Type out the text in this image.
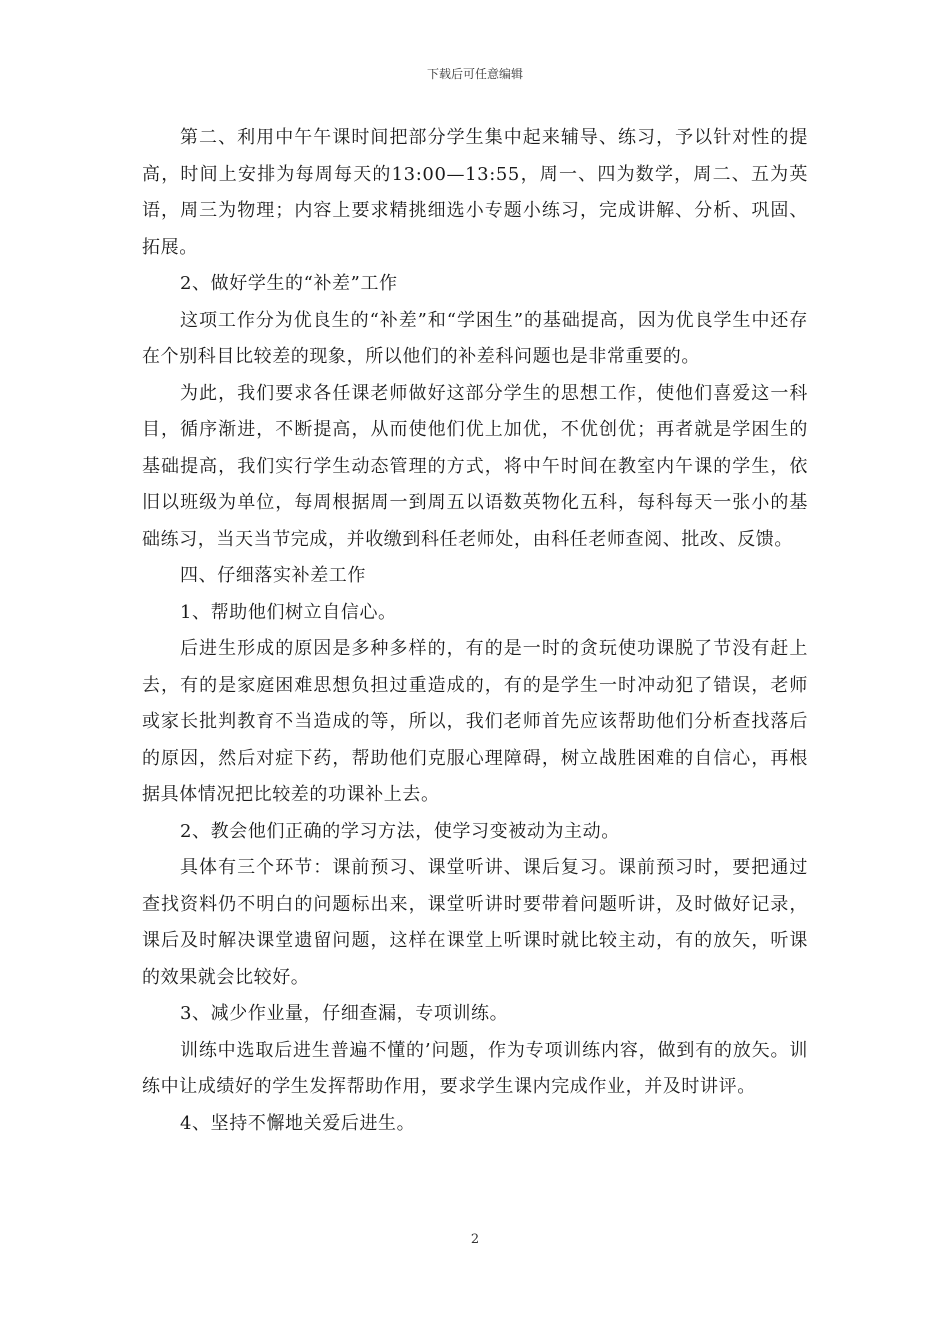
下载后可任意编辑

第二、利用中午午课时间把部分学生集中起来辅导、练习，予以针对性的提高，时间上安排为每周每天的13:00—13:55，周一、四为数学，周二、五为英语，周三为物理；内容上要求精挑细选小专题小练习，完成讲解、分析、巩固、拓展。

2、做好学生的“补差”工作

这项工作分为优良生的“补差”和“学困生”的基础提高，因为优良学生中还存在个别科目比较差的现象，所以他们的补差科问题也是非常重要的。

为此，我们要求各任课老师做好这部分学生的思想工作，使他们喜爱这一科目，循序渐进，不断提高，从而使他们优上加优，不优创优；再者就是学困生的基础提高，我们实行学生动态管理的方式，将中午时间在教室内午课的学生，依旧以班级为单位，每周根据周一到周五以语数英物化五科，每科每天一张小的基础练习，当天当节完成，并收缴到科任老师处，由科任老师查阅、批改、反馈。

四、仔细落实补差工作

1、帮助他们树立自信心。

后进生形成的原因是多种多样的，有的是一时的贪玩使功课脱了节没有赶上去，有的是家庭困难思想负担过重造成的，有的是学生一时冲动犯了错误，老师或家长批判教育不当造成的等，所以，我们老师首先应该帮助他们分析查找落后的原因，然后对症下药，帮助他们克服心理障碍，树立战胜困难的自信心，再根据具体情况把比较差的功课补上去。

2、教会他们正确的学习方法，使学习变被动为主动。

具体有三个环节：课前预习、课堂听讲、课后复习。课前预习时，要把通过查找资料仍不明白的问题标出来，课堂听讲时要带着问题听讲，及时做好记录，课后及时解决课堂遗留问题，这样在课堂上听课时就比较主动，有的放矢，听课的效果就会比较好。

3、减少作业量，仔细查漏，专项训练。

训练中选取后进生普遍不懂的’问题，作为专项训练内容，做到有的放矢。训练中让成绩好的学生发挥帮助作用，要求学生课内完成作业，并及时讲评。

4、坚持不懈地关爱后进生。

2
